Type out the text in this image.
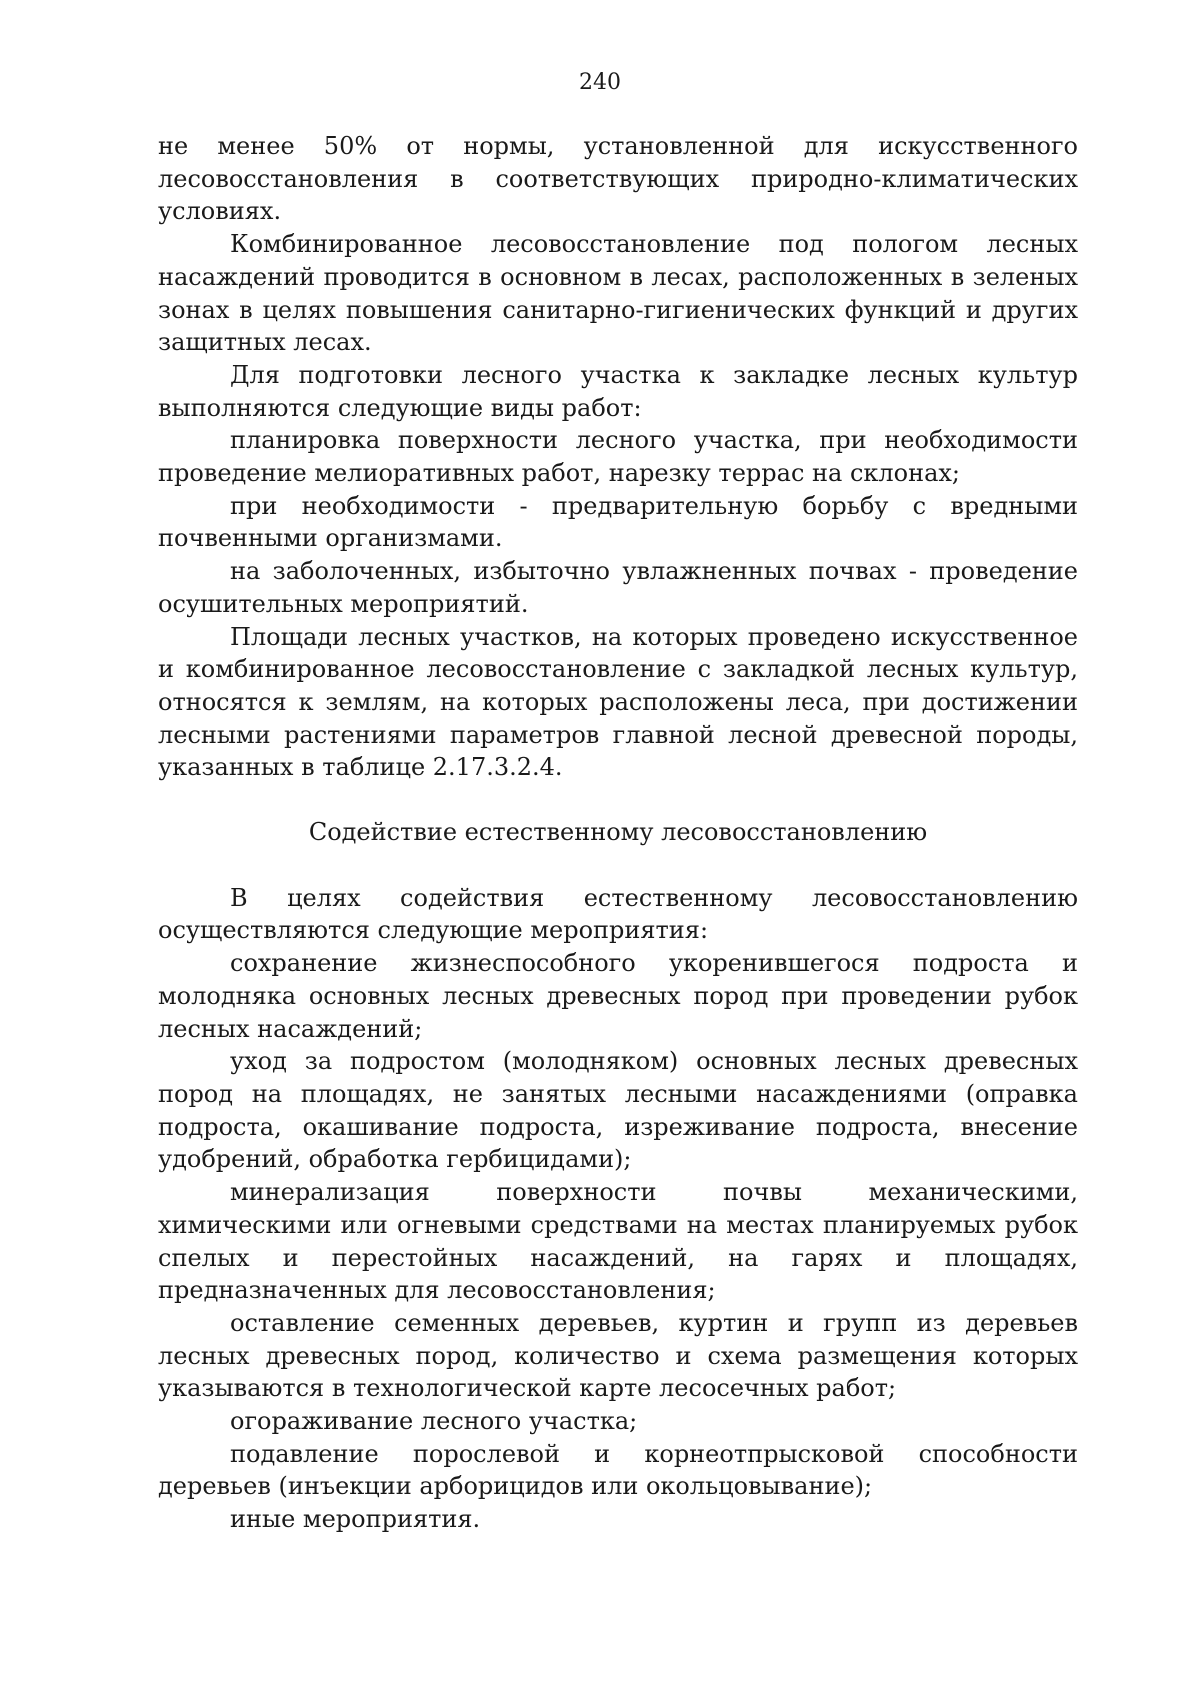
240

не менее 50% от нормы, установленной для искусственного лесовосстановления в соответствующих природно-климатических условиях.

Комбинированное лесовосстановление под пологом лесных насаждений проводится в основном в лесах, расположенных в зеленых зонах в целях повышения санитарно-гигиенических функций и других защитных лесах.

Для подготовки лесного участка к закладке лесных культур выполняются следующие виды работ:

планировка поверхности лесного участка, при необходимости проведение мелиоративных работ, нарезку террас на склонах;

при необходимости - предварительную борьбу с вредными почвенными организмами.

на заболоченных, избыточно увлажненных почвах - проведение осушительных мероприятий.

Площади лесных участков, на которых проведено искусственное и комбинированное лесовосстановление с закладкой лесных культур, относятся к землям, на которых расположены леса, при достижении лесными растениями параметров главной лесной древесной породы, указанных в таблице 2.17.3.2.4.

Содействие естественному лесовосстановлению

В целях содействия естественному лесовосстановлению осуществляются следующие мероприятия:

сохранение жизнеспособного укоренившегося подроста и молодняка основных лесных древесных пород при проведении рубок лесных насаждений;

уход за подростом (молодняком) основных лесных древесных пород на площадях, не занятых лесными насаждениями (оправка подроста, окашивание подроста, изреживание подроста, внесение удобрений, обработка гербицидами);

минерализация поверхности почвы механическими, химическими или огневыми средствами на местах планируемых рубок спелых и перестойных насаждений, на гарях и площадях, предназначенных для лесовосстановления;

оставление семенных деревьев, куртин и групп из деревьев лесных древесных пород, количество и схема размещения которых указываются в технологической карте лесосечных работ;

огораживание лесного участка;

подавление порослевой и корнеотпрысковой способности деревьев (инъекции арборицидов или окольцовывание);

иные мероприятия.
